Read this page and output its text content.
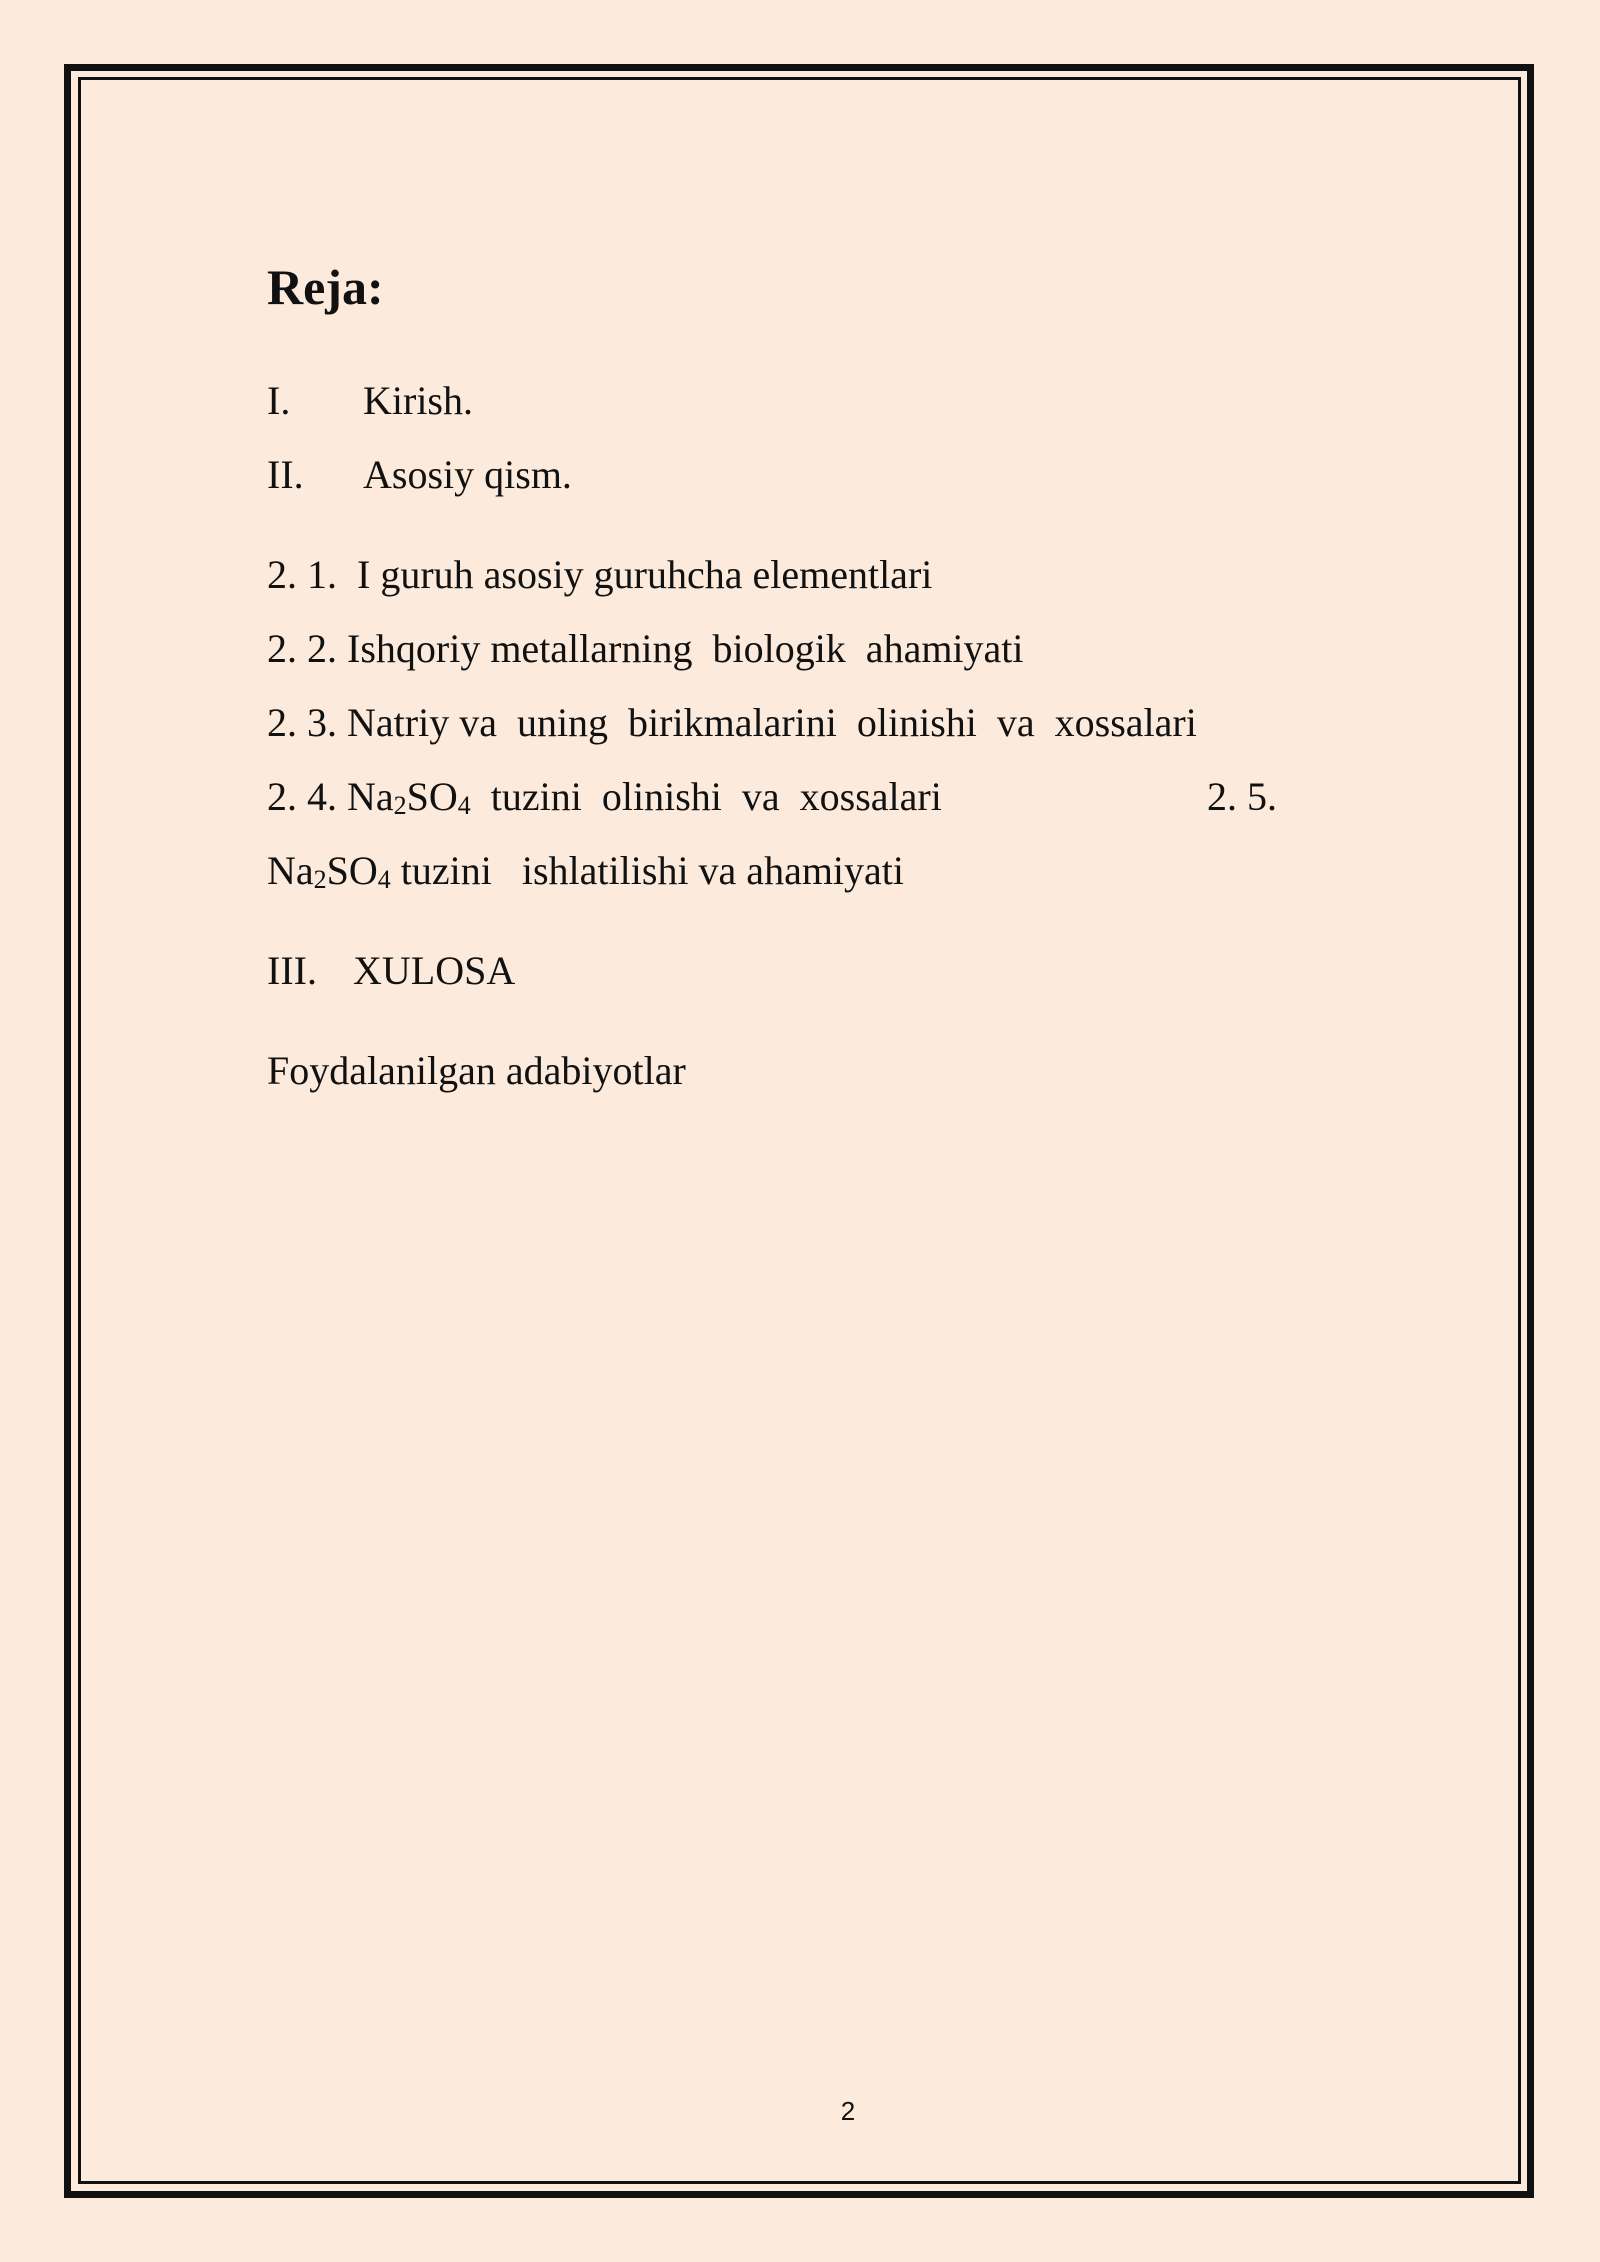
Reja:
I. Kirish.
II. Asosiy qism.
2. 1.  I guruh asosiy guruhcha elementlari
2. 2. Ishqoriy metallarning  biologik  ahamiyati
2. 3. Natriy va  uning  birikmalarini  olinishi  va  xossalari
2. 4. $Na_2SO_4$  tuzini  olinishi  va  xossalari	2. 5.
$Na_2SO_4$ tuzini   ishlatilishi va ahamiyati
III. XULOSA
Foydalanilgan adabiyotlar
2
